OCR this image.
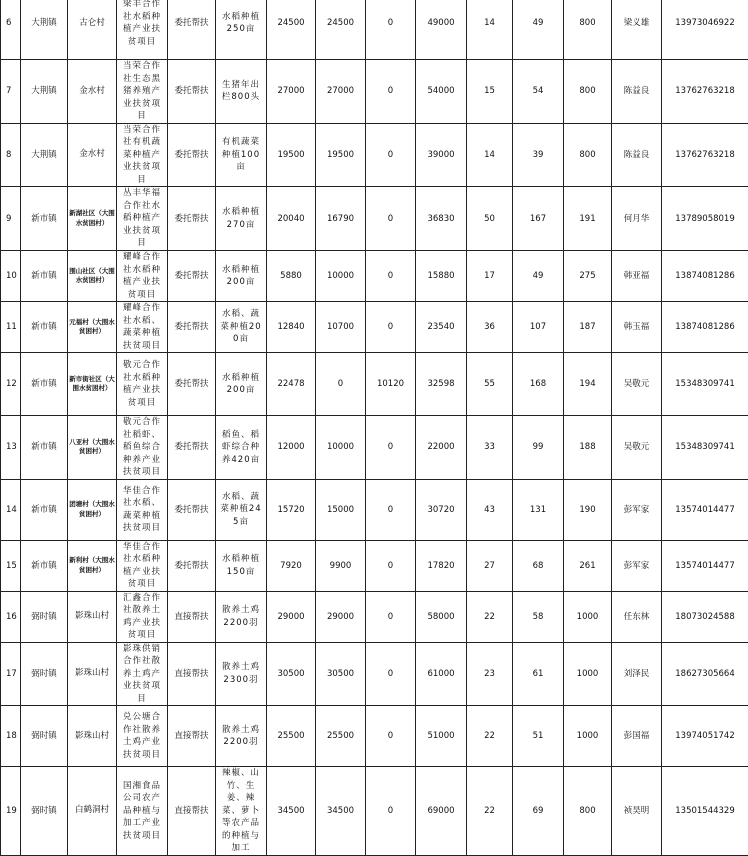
6	大荆镇	古仑村	梁丰合作社水稻种植产业扶贫项目	委托帮扶	水稻种植250亩	24500	24500	0	49000	14	49	800	梁义雄	13973046922
7	大荆镇	金水村	当荣合作社生态黑猪养殖产业扶贫项目	委托帮扶	生猪年出栏800头	27000	27000	0	54000	15	54	800	陈益良	13762763218
8	大荆镇	金水村	当荣合作社有机蔬菜种植产业扶贫项目	委托帮扶	有机蔬菜种植100亩	19500	19500	0	39000	14	39	800	陈益良	13762763218
9	新市镇	新湖社区（大围水贫困村）	丛丰华福合作社水稻种植产业扶贫项目	委托帮扶	水稻种植270亩	20040	16790	0	36830	50	167	191	何月华	13789058019
10	新市镇	围山社区（大围水贫困村）	耀峰合作社水稻种植产业扶贫项目	委托帮扶	水稻种植200亩	5880	10000	0	15880	17	49	275	韩亚福	13874081286
11	新市镇	元福村（大围水贫困村）	耀峰合作社水稻、蔬菜种植扶贫项目	委托帮扶	水稻、蔬菜种植200亩	12840	10700	0	23540	36	107	187	韩玉福	13874081286
12	新市镇	新市街社区（大围水贫困村）	敬元合作社水稻种植产业扶贫项目	委托帮扶	水稻种植200亩	22478	0	10120	32598	55	168	194	吴敬元	15348309741
13	新市镇	八亚村（大围水贫困村）	敬元合作社稻虾、稻鱼综合种养产业扶贫项目	委托帮扶	稻鱼、稻虾综合种养420亩	12000	10000	0	22000	33	99	188	吴敬元	15348309741
14	新市镇	团塘村（大围水贫困村）	华佳合作社水稻、蔬菜种植扶贫项目	委托帮扶	水稻、蔬菜种植245亩	15720	15000	0	30720	43	131	190	彭军家	13574014477
15	新市镇	新利村（大围水贫困村）	华佳合作社水稻种植产业扶贫项目	委托帮扶	水稻种植150亩	7920	9900	0	17820	27	68	261	彭军家	13574014477
16	弼时镇	影珠山村	汇鑫合作社散养土鸡产业扶贫项目	直接帮扶	散养土鸡2200羽	29000	29000	0	58000	22	58	1000	任东林	18073024588
17	弼时镇	影珠山村	影珠供销合作社散养土鸡产业扶贫项目	直接帮扶	散养土鸡2300羽	30500	30500	0	61000	23	61	1000	刘泽民	18627305664
18	弼时镇	影珠山村	兑公塘合作社散养土鸡产业扶贫项目	直接帮扶	散养土鸡2200羽	25500	25500	0	51000	22	51	1000	彭国福	13974051742
19	弼时镇	白鹤洞村	国湘食品公司农产品种植与加工产业扶贫项目	直接帮扶	辣椒、山竹、生姜、辣菜、萝卜等农产品的种植与加工	34500	34500	0	69000	22	69	800	祯昊明	13501544329
